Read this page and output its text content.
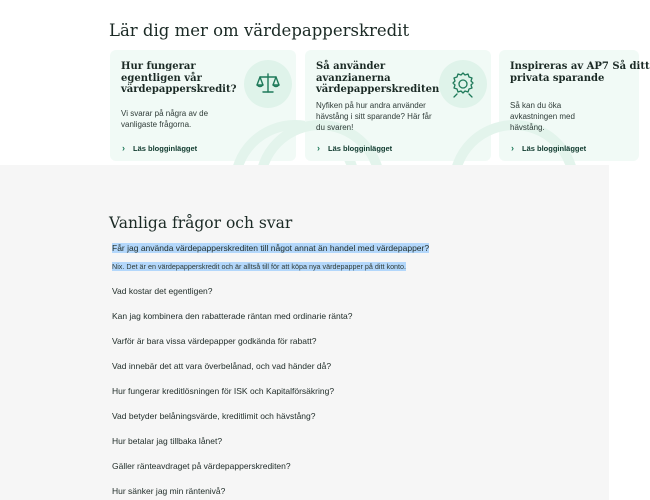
Lär dig mer om värdepapperskredit
Hur fungerar egentligen vår värdepapperskredit?
Vi svarar på några av de vanligaste frågorna.
› Läs blogginlägget
Så använder avanzianerna värdepapperskrediten
Nyfiken på hur andra använder hävstång i sitt sparande? Här får du svaren!
› Läs blogginlägget
Inspireras av AP7 Så ditt privata sparande
Så kan du öka avkastningen med hävstång.
› Läs blogginlägget
Vanliga frågor och svar
Får jag använda värdepapperskrediten till något annat än handel med värdepapper?
Nix. Det är en värdepapperskredit och är alltså till för att köpa nya värdepapper på ditt konto.
Vad kostar det egentligen?
Kan jag kombinera den rabatterade räntan med ordinarie ränta?
Varför är bara vissa värdepapper godkända för rabatt?
Vad innebär det att vara överbelånad, och vad händer då?
Hur fungerar kreditlösningen för ISK och Kapitalförsäkring?
Vad betyder belåningsvärde, kreditlimit och hävstång?
Hur betalar jag tillbaka lånet?
Gäller ränteavdraget på värdepapperskrediten?
Hur sänker jag min räntenivå?
